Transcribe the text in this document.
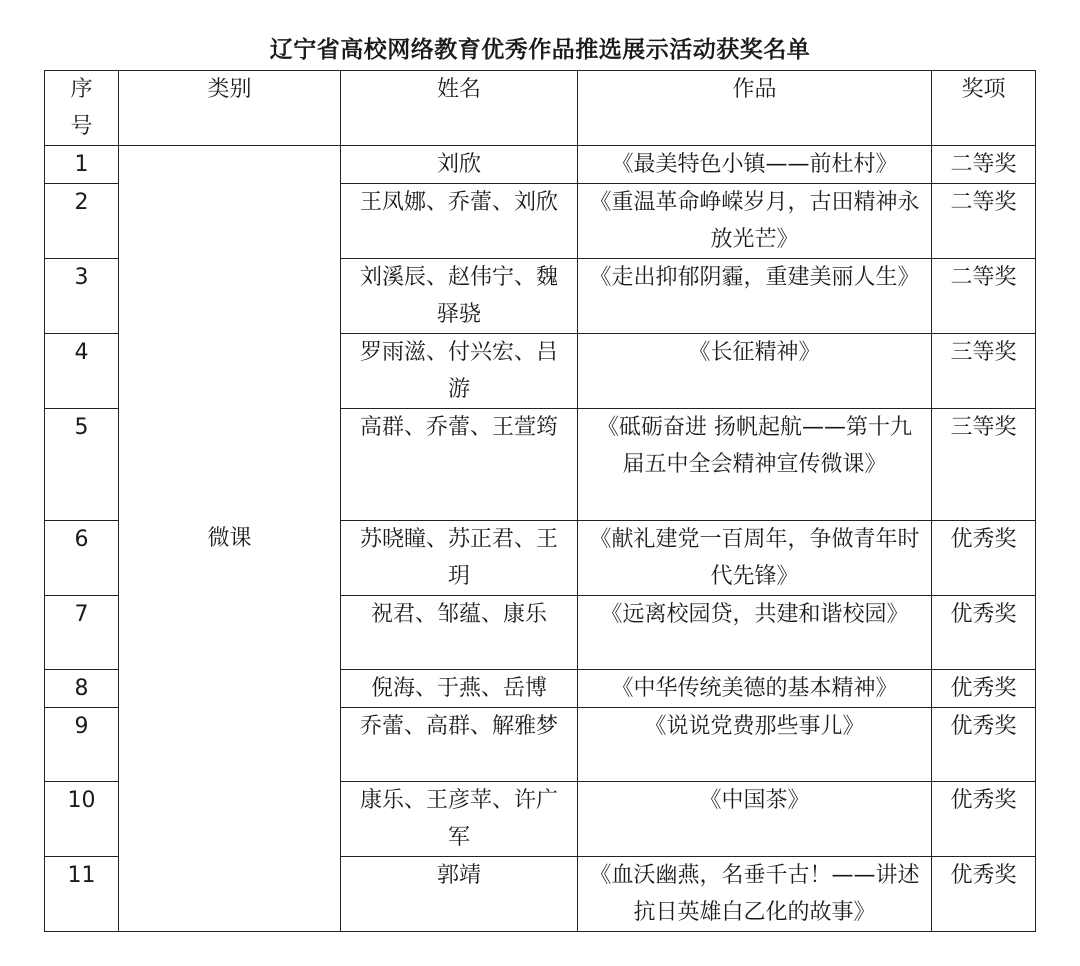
辽宁省高校网络教育优秀作品推选展示活动获奖名单
序号	类别	姓名	作品	奖项
1	微课	刘欣	《最美特色小镇——前杜村》	二等奖
2		王凤娜、乔蕾、刘欣	《重温革命峥嵘岁月，古田精神永放光芒》	二等奖
3		刘溪辰、赵伟宁、魏驿骁	《走出抑郁阴霾，重建美丽人生》	二等奖
4		罗雨滋、付兴宏、吕游	《长征精神》	三等奖
5		高群、乔蕾、王萱筠	《砥砺奋进 扬帆起航——第十九届五中全会精神宣传微课》	三等奖
6		苏晓瞳、苏正君、王玥	《献礼建党一百周年，争做青年时代先锋》	优秀奖
7		祝君、邹蕴、康乐	《远离校园贷，共建和谐校园》	优秀奖
8		倪海、于燕、岳博	《中华传统美德的基本精神》	优秀奖
9		乔蕾、高群、解雅梦	《说说党费那些事儿》	优秀奖
10		康乐、王彦苹、许广军	《中国茶》	优秀奖
11		郭靖	《血沃幽燕，名垂千古！——讲述抗日英雄白乙化的故事》	优秀奖
